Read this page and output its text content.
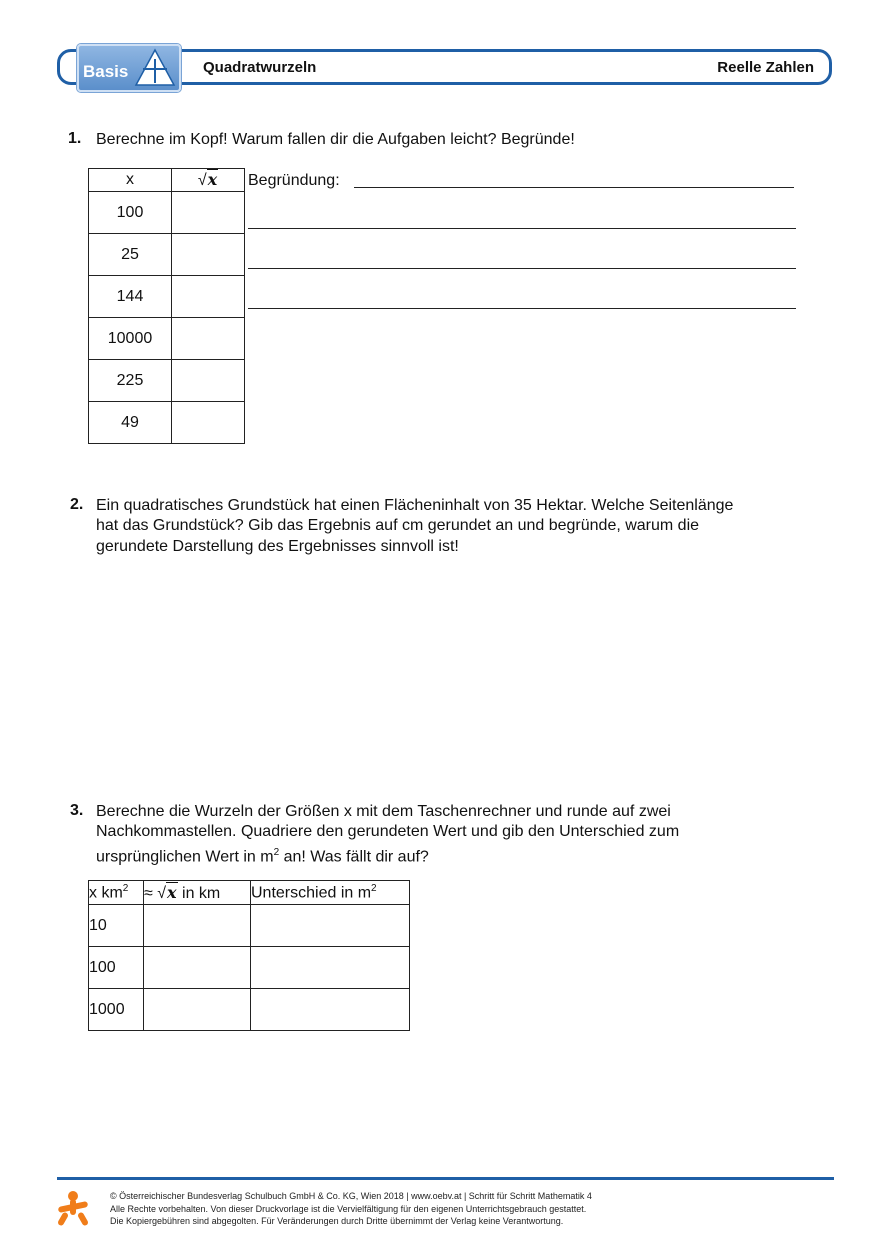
Basis	Quadratwurzeln	Reelle Zahlen
1. Berechne im Kopf! Warum fallen dir die Aufgaben leicht? Begründe!
x	√x
100	
25	
144	
10000	
225	
49	
Begründung:
2. Ein quadratisches Grundstück hat einen Flächeninhalt von 35 Hektar. Welche Seitenlänge
hat das Grundstück? Gib das Ergebnis auf cm gerundet an und begründe, warum die
gerundete Darstellung des Ergebnisses sinnvoll ist!
3. Berechne die Wurzeln der Größen x mit dem Taschenrechner und runde auf zwei
Nachkommastellen. Quadriere den gerundeten Wert und gib den Unterschied zum
ursprünglichen Wert in $m^2$ an! Was fällt dir auf?
x $km^2$	≈ √x in km	Unterschied in $m^2$
10		
100		
1000		
© Österreichischer Bundesverlag Schulbuch GmbH & Co. KG, Wien 2018 | www.oebv.at | Schritt für Schritt Mathematik 4
Alle Rechte vorbehalten. Von dieser Druckvorlage ist die Vervielfältigung für den eigenen Unterrichtsgebrauch gestattet.
Die Kopiergebühren sind abgegolten. Für Veränderungen durch Dritte übernimmt der Verlag keine Verantwortung.
